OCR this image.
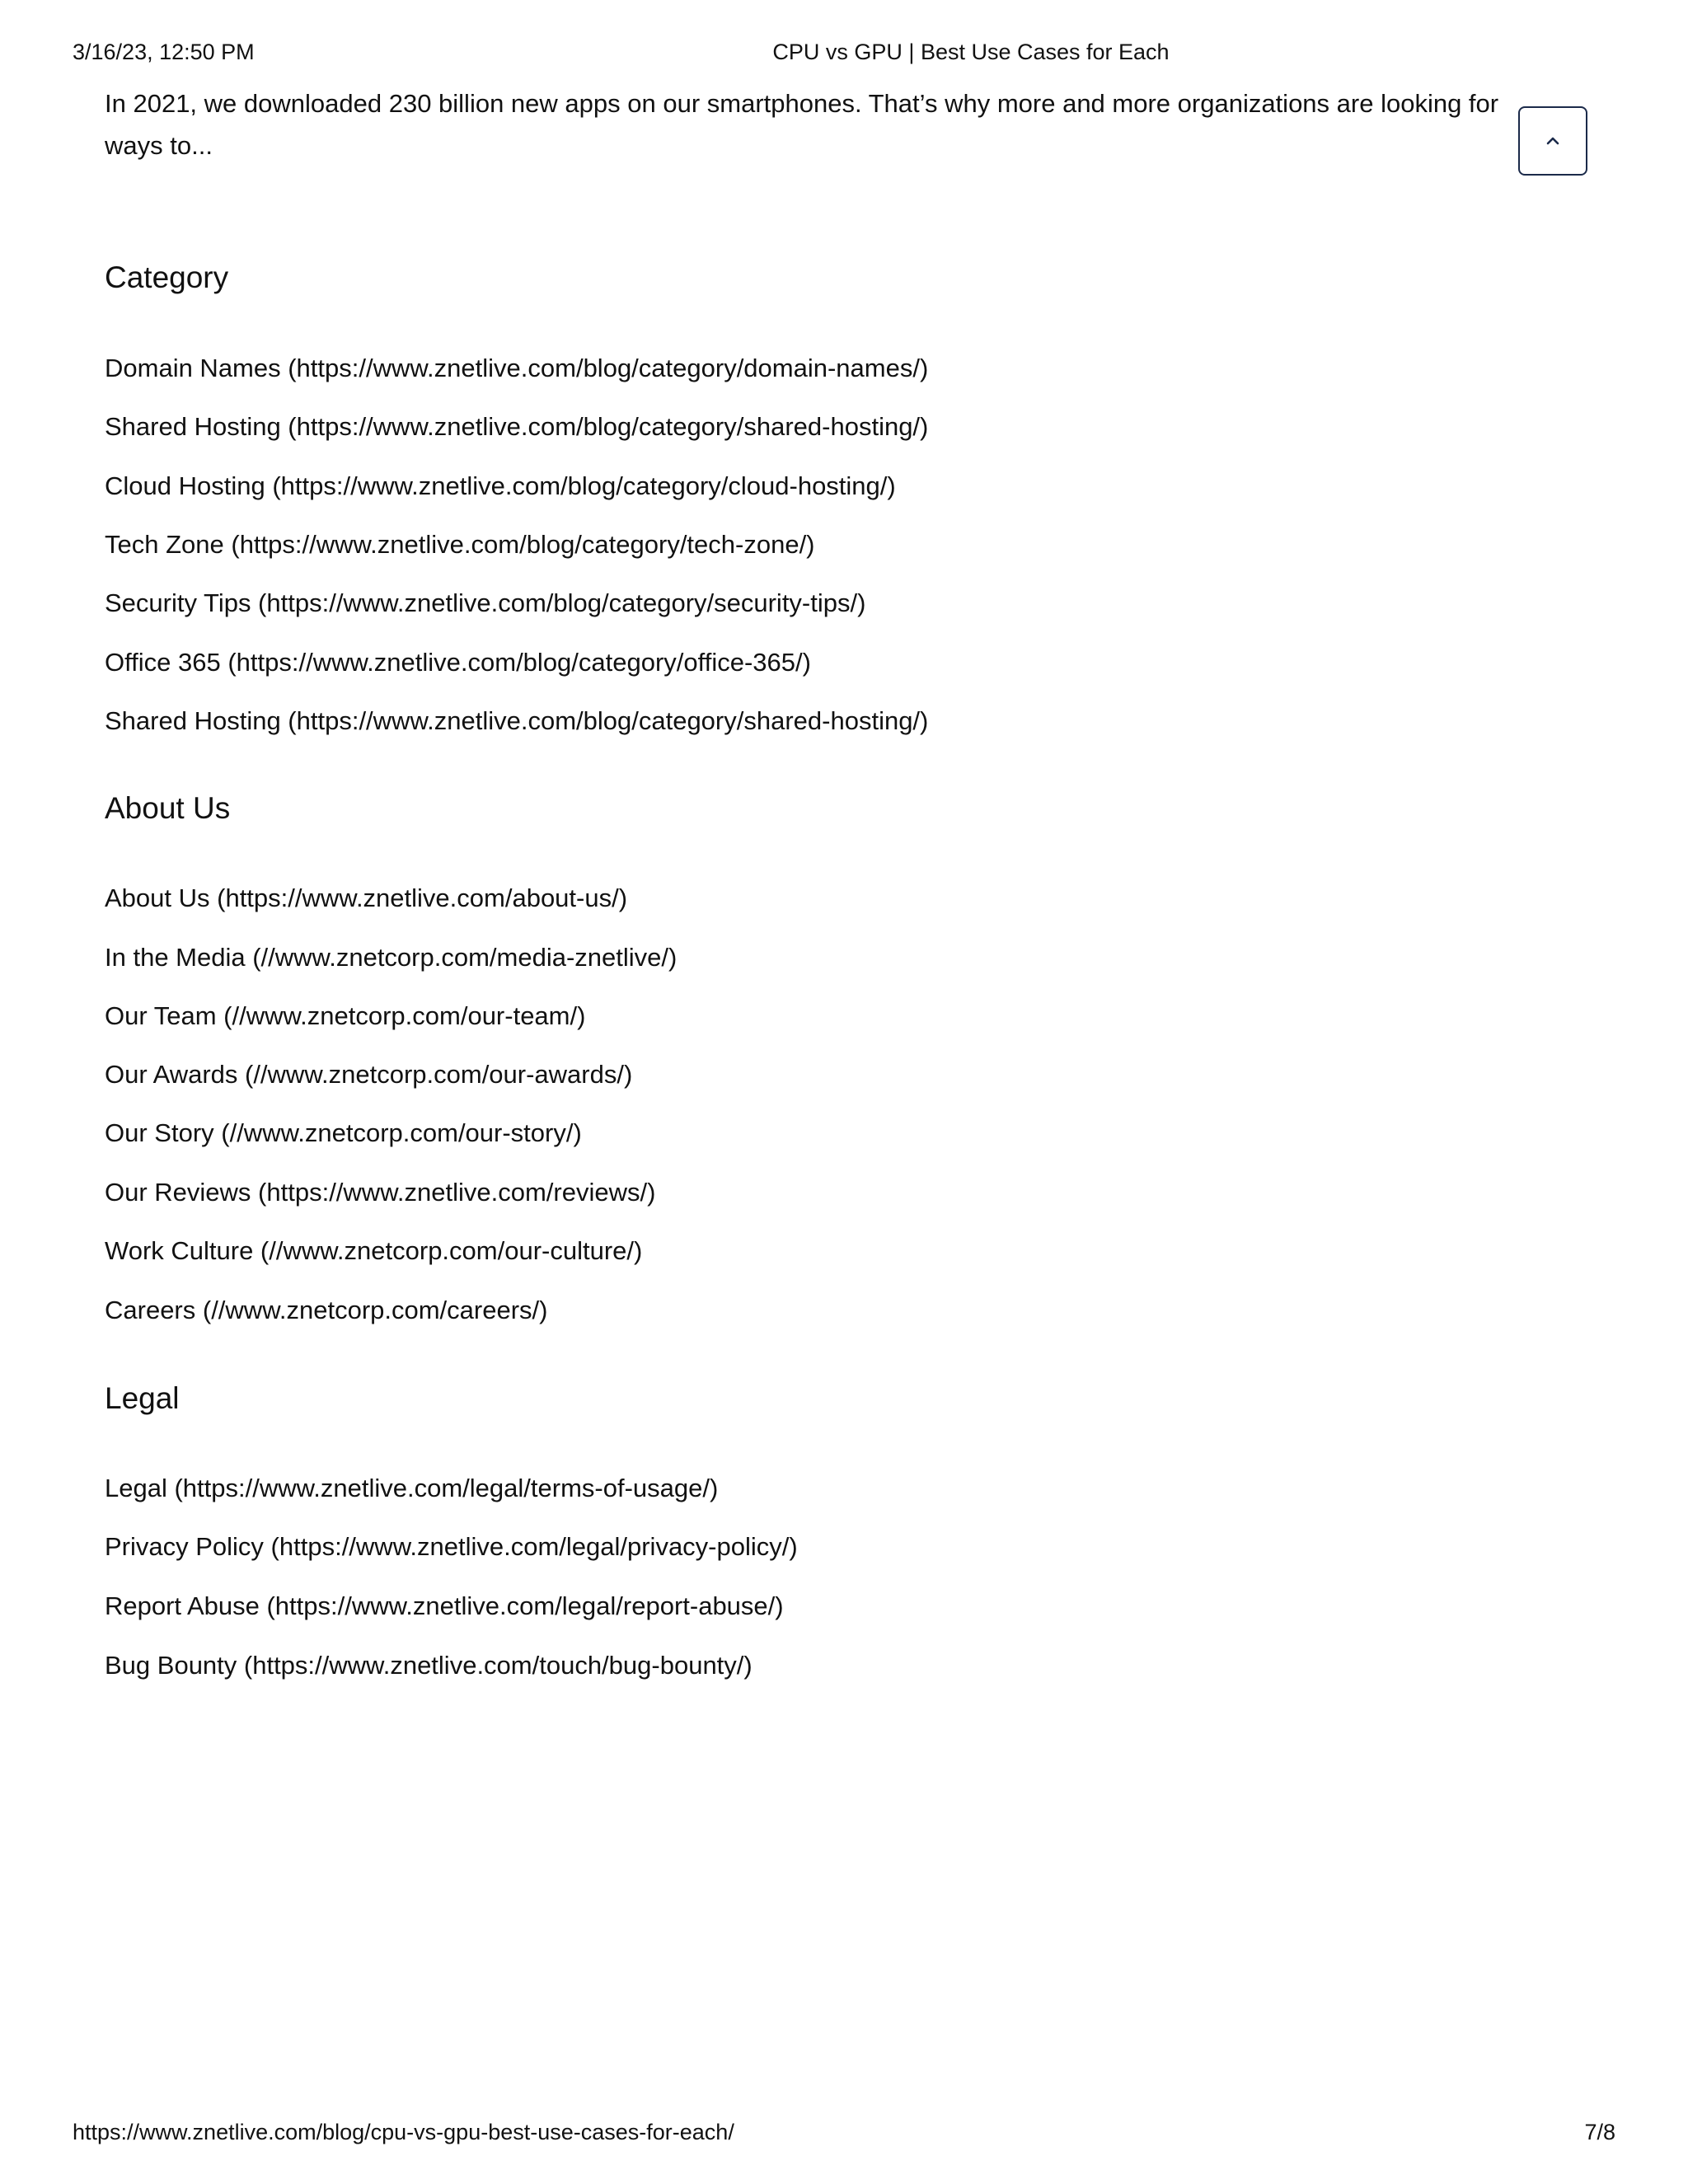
3/16/23, 12:50 PM	CPU vs GPU | Best Use Cases for Each
In 2021, we downloaded 230 billion new apps on our smartphones. That’s why more and more organizations are looking for ways to...
Category
Domain Names (https://www.znetlive.com/blog/category/domain-names/)
Shared Hosting (https://www.znetlive.com/blog/category/shared-hosting/)
Cloud Hosting (https://www.znetlive.com/blog/category/cloud-hosting/)
Tech Zone (https://www.znetlive.com/blog/category/tech-zone/)
Security Tips (https://www.znetlive.com/blog/category/security-tips/)
Office 365 (https://www.znetlive.com/blog/category/office-365/)
Shared Hosting (https://www.znetlive.com/blog/category/shared-hosting/)
About Us
About Us (https://www.znetlive.com/about-us/)
In the Media (//www.znetcorp.com/media-znetlive/)
Our Team (//www.znetcorp.com/our-team/)
Our Awards (//www.znetcorp.com/our-awards/)
Our Story (//www.znetcorp.com/our-story/)
Our Reviews (https://www.znetlive.com/reviews/)
Work Culture (//www.znetcorp.com/our-culture/)
Careers (//www.znetcorp.com/careers/)
Legal
Legal (https://www.znetlive.com/legal/terms-of-usage/)
Privacy Policy (https://www.znetlive.com/legal/privacy-policy/)
Report Abuse (https://www.znetlive.com/legal/report-abuse/)
Bug Bounty (https://www.znetlive.com/touch/bug-bounty/)
https://www.znetlive.com/blog/cpu-vs-gpu-best-use-cases-for-each/	7/8
